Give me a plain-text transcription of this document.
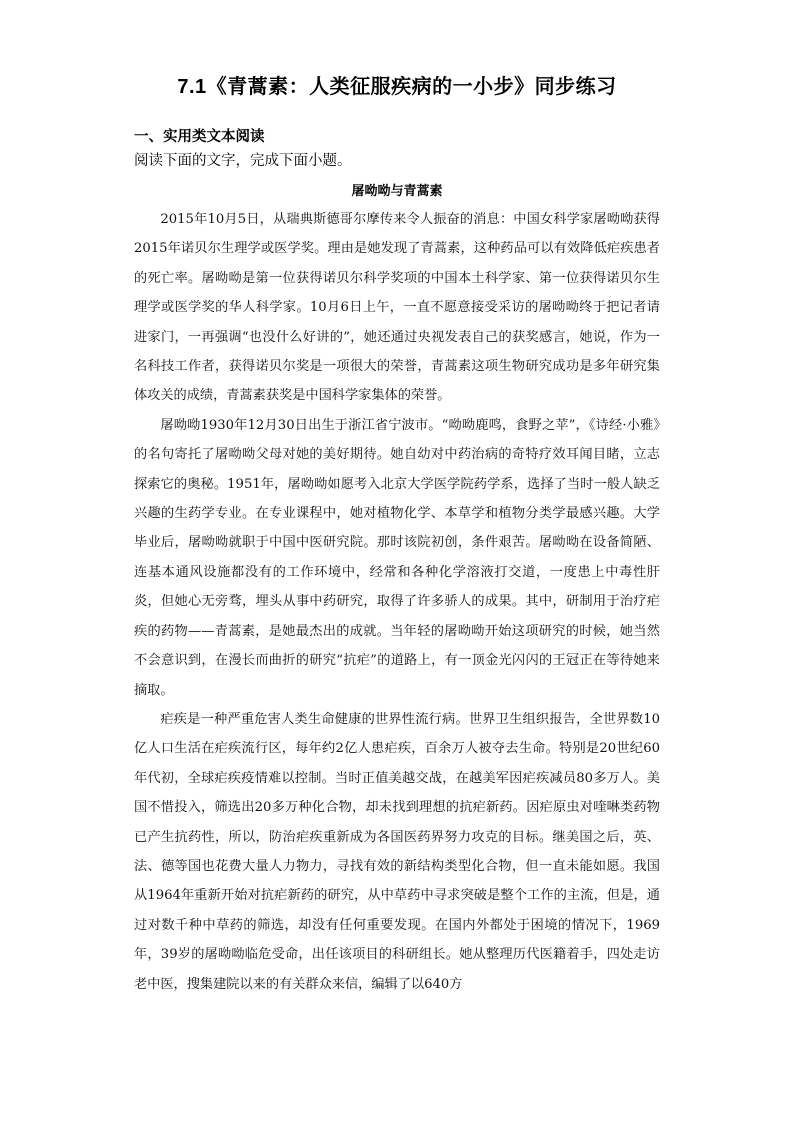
7.1《青蒿素：人类征服疾病的一小步》同步练习
一、实用类文本阅读
阅读下面的文字，完成下面小题。
屠呦呦与青蒿素

2015年10月5日，从瑞典斯德哥尔摩传来令人振奋的消息：中国女科学家屠呦呦获得2015年诺贝尔生理学或医学奖。理由是她发现了青蒿素，这种药品可以有效降低疟疾患者的死亡率。屠呦呦是第一位获得诺贝尔科学奖项的中国本土科学家、第一位获得诺贝尔生理学或医学奖的华人科学家。10月6日上午，一直不愿意接受采访的屠呦呦终于把记者请进家门，一再强调“也没什么好讲的”，她还通过央视发表自己的获奖感言，她说，作为一名科技工作者，获得诺贝尔奖是一项很大的荣誉，青蒿素这项生物研究成功是多年研究集体攻关的成绩，青蒿素获奖是中国科学家集体的荣誉。

屠呦呦1930年12月30日出生于浙江省宁波市。“呦呦鹿鸣，食野之苹”，《诗经·小雅》的名句寄托了屠呦呦父母对她的美好期待。她自幼对中药治病的奇特疗效耳闻目睹，立志探索它的奥秘。1951年，屠呦呦如愿考入北京大学医学院药学系，选择了当时一般人缺乏兴趣的生药学专业。在专业课程中，她对植物化学、本草学和植物分类学最感兴趣。大学毕业后，屠呦呦就职于中国中医研究院。那时该院初创，条件艰苦。屠呦呦在设备简陋、连基本通风设施都没有的工作环境中，经常和各种化学溶液打交道，一度患上中毒性肝炎，但她心无旁骛，埋头从事中药研究，取得了许多骄人的成果。其中，研制用于治疗疟疾的药物——青蒿素，是她最杰出的成就。当年轻的屠呦呦开始这项研究的时候，她当然不会意识到，在漫长而曲折的研究“抗疟”的道路上，有一顶金光闪闪的王冠正在等待她来摘取。

疟疾是一种严重危害人类生命健康的世界性流行病。世界卫生组织报告，全世界数10亿人口生活在疟疾流行区，每年约2亿人患疟疾，百余万人被夺去生命。特别是20世纪60年代初，全球疟疾疫情难以控制。当时正值美越交战，在越美军因疟疾减员80多万人。美国不惜投入，筛选出20多万种化合物，却未找到理想的抗疟新药。因疟原虫对喹啉类药物已产生抗药性，所以，防治疟疾重新成为各国医药界努力攻克的目标。继美国之后，英、法、德等国也花费大量人力物力，寻找有效的新结构类型化合物，但一直未能如愿。我国从1964年重新开始对抗疟新药的研究，从中草药中寻求突破是整个工作的主流，但是，通过对数千种中草药的筛选，却没有任何重要发现。在国内外都处于困境的情况下，1969年，39岁的屠呦呦临危受命，出任该项目的科研组长。她从整理历代医籍着手，四处走访老中医，搜集建院以来的有关群众来信，编辑了以640方
